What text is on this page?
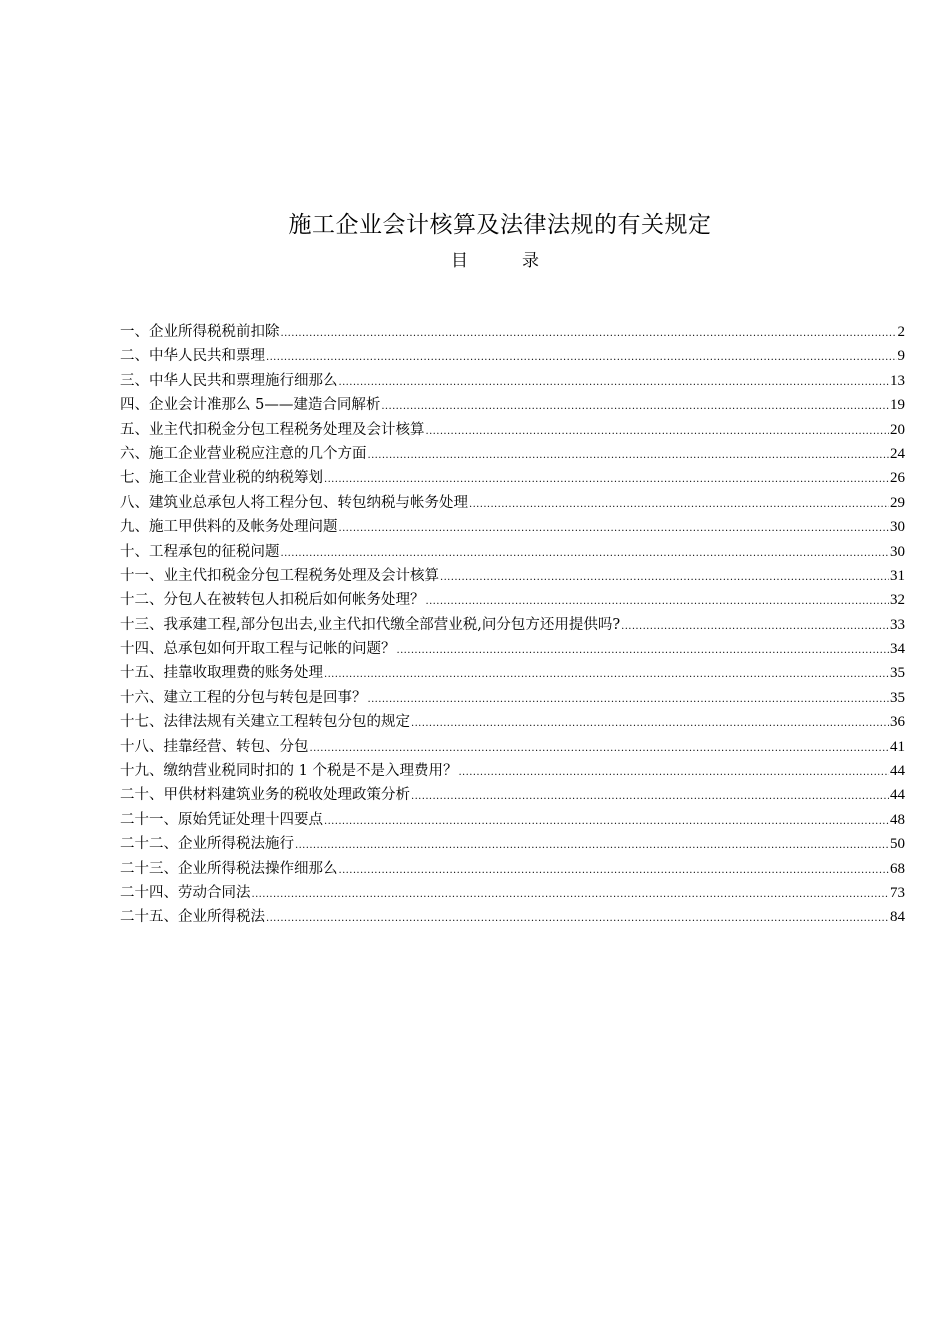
施工企业会计核算及法律法规的有关规定
目	录
一、企业所得税税前扣除 .....	2
二、中华人民共和票理 .....	9
三、中华人民共和票理施行细那么 .....	13
四、企业会计准那么 5——建造合同解析 .....	19
五、业主代扣税金分包工程税务处理及会计核算 .....	20
六、施工企业营业税应注意的几个方面 .....	24
七、施工企业营业税的纳税筹划 .....	26
八、建筑业总承包人将工程分包、转包纳税与帐务处理 .....	29
九、施工甲供料的及帐务处理问题 .....	30
十、工程承包的征税问题 .....	30
十一、业主代扣税金分包工程税务处理及会计核算 .....	31
十二、分包人在被转包人扣税后如何帐务处理？ .....	32
十三、我承建工程,部分包出去,业主代扣代缴全部营业税,问分包方还用提供吗? .....	33
十四、总承包如何开取工程与记帐的问题？ .....	34
十五、挂靠收取理费的账务处理 .....	35
十六、建立工程的分包与转包是回事？ .....	35
十七、法律法规有关建立工程转包分包的规定 .....	36
十八、挂靠经营、转包、分包 .....	41
十九、缴纳营业税同时扣的 1 个税是不是入理费用？ .....	44
二十、甲供材料建筑业务的税收处理政策分析 .....	44
二十一、原始凭证处理十四要点 .....	48
二十二、企业所得税法施行 .....	50
二十三、企业所得税法操作细那么 .....	68
二十四、劳动合同法 .....	73
二十五、企业所得税法 .....	84
